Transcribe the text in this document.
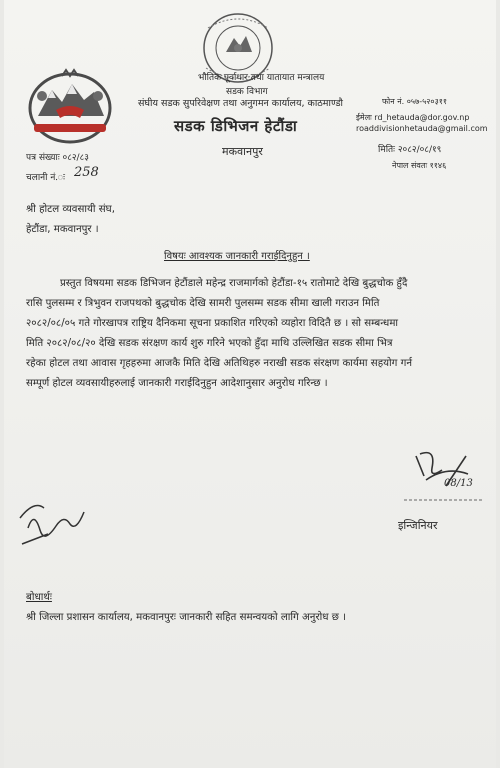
भौतिक पूर्वाधार तथा यातायात मन्त्रालय
सडक विभाग
संघीय सडक सुपरिवेक्षण तथा अनुगमन कार्यालय, काठमाण्डौ	फोन नं. ०५७-५२०३११
ईमेलः rd_hetauda@dor.gov.np
roaddivisionhetauda@gmail.com
सडक डिभिजन हेटौंडा
मकवानपुर	मितिः २०८२/०८/१९
नेपाल संवतः ११४६
पत्र संख्याः ०८२/८३
चलानी नं.ः 258
श्री होटल व्यवसायी संघ,
हेटौंडा, मकवानपुर ।
विषयः आवश्यक जानकारी गराईदिनुहुन ।
प्रस्तुत विषयमा सडक डिभिजन हेटौंडाले महेन्द्र राजमार्गको हेटौंडा-१५ रातोमाटे देखि बुद्धचोक हुँदै
रासि पुलसम्म र त्रिभुवन राजपथको बुद्धचोक देखि सामरी पुलसम्म सडक सीमा खाली गराउन मिति
२०८२/०८/०५ गते गोरखापत्र राष्ट्रिय दैनिकमा सूचना प्रकाशित गरिएको व्यहोरा विदितै छ । सो सम्बन्धमा
मिति २०८२/०८/२० देखि सडक संरक्षण कार्य शुरु गरिने भएको हुँदा माथि उल्लिखित सडक सीमा भित्र
रहेका होटल तथा आवास गृहहरुमा आजकै मिति देखि अतिथिहरु नराखी सडक संरक्षण कार्यमा सहयोग गर्न
सम्पूर्ण होटल व्यवसायीहरुलाई जानकारी गराईदिनुहुन आदेशानुसार अनुरोध गरिन्छ ।
08/13
इन्जिनियर
बोधार्थः
श्री जिल्ला प्रशासन कार्यालय, मकवानपुरः जानकारी सहित समन्वयको लागि अनुरोध छ ।
